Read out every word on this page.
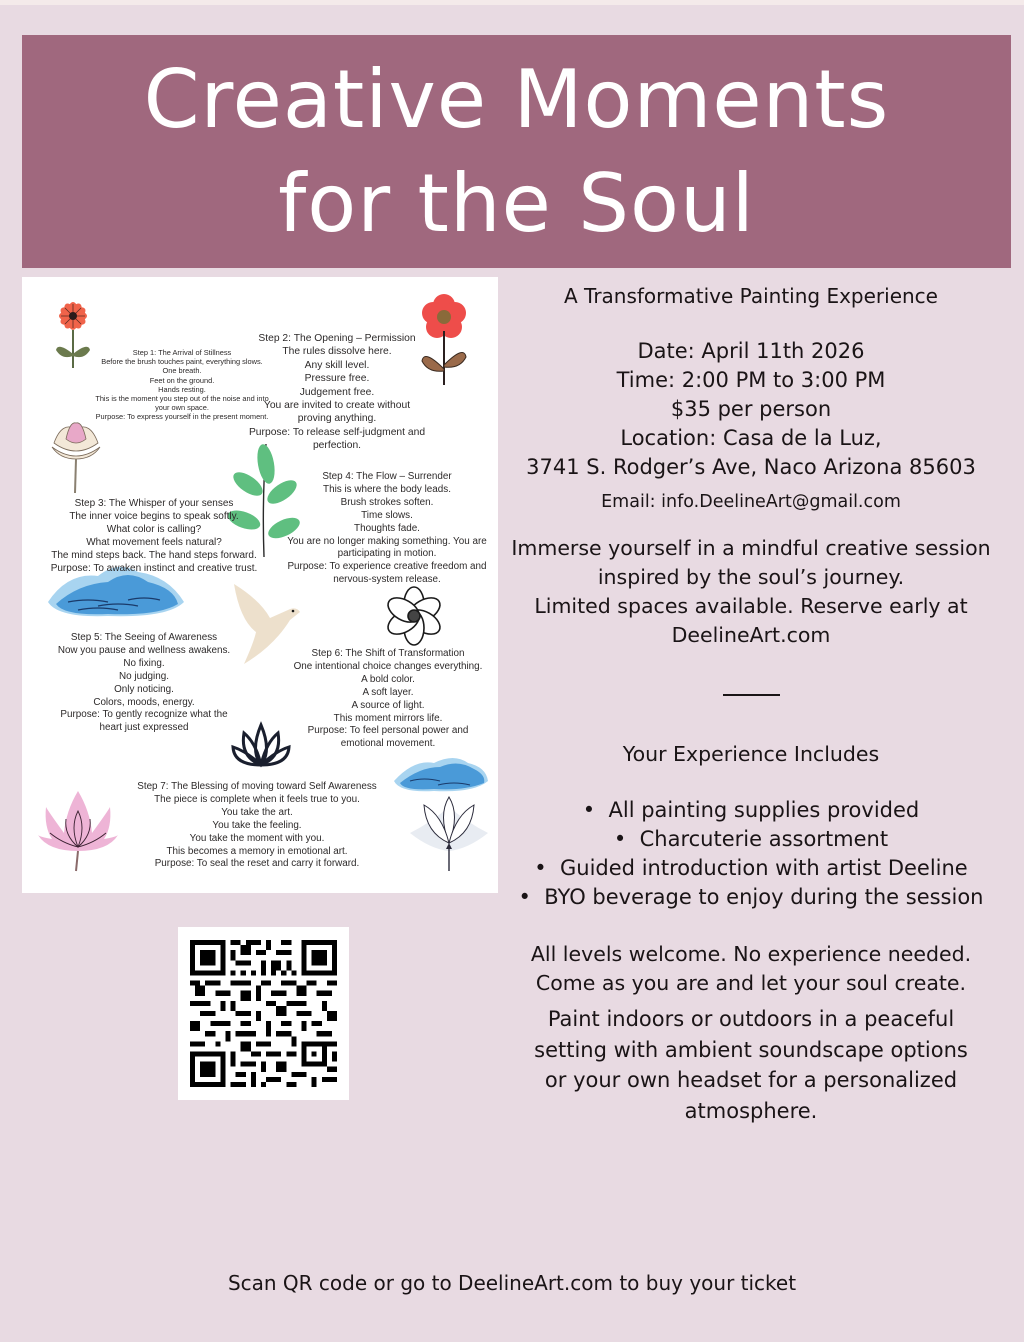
Creative Moments
for the Soul
Step 1: The Arrival of Stillness
Before the brush touches paint, everything slows.
One breath.
Feet on the ground.
Hands resting.
This is the moment you step out of the noise and into
your own space.
Purpose: To express yourself in the present moment.
Step 2: The Opening – Permission
The rules dissolve here.
Any skill level.
Pressure free.
Judgement free.
You are invited to create without
proving anything.
Purpose: To release self-judgment and
perfection.
Step 3: The Whisper of your senses
The inner voice begins to speak softly.
What color is calling?
What movement feels natural?
The mind steps back. The hand steps forward.
Purpose: To awaken instinct and creative trust.
Step 4: The Flow – Surrender
This is where the body leads.
Brush strokes soften.
Time slows.
Thoughts fade.
You are no longer making something. You are
participating in motion.
Purpose: To experience creative freedom and
nervous-system release.
Step 5: The Seeing of Awareness
Now you pause and wellness awakens.
No fixing.
No judging.
Only noticing.
Colors, moods, energy.
Purpose: To gently recognize what the
heart just expressed
Step 6: The Shift of Transformation
One intentional choice changes everything.
A bold color.
A soft layer.
A source of light.
This moment mirrors life.
Purpose: To feel personal power and
emotional movement.
Step 7: The Blessing of moving toward Self Awareness
The piece is complete when it feels true to you.
You take the art.
You take the feeling.
You take the moment with you.
This becomes a memory in emotional art.
Purpose: To seal the reset and carry it forward.
A Transformative Painting Experience
Date: April 11th 2026
Time: 2:00 PM to 3:00 PM
$35 per person
Location: Casa de la Luz,
3741 S. Rodger’s Ave, Naco Arizona 85603
Email: info.DeelineArt@gmail.com
Immerse yourself in a mindful creative session
inspired by the soul’s journey.
Limited spaces available. Reserve early at
DeelineArt.com
Your Experience Includes
•  All painting supplies provided
•  Charcuterie assortment
•  Guided introduction with artist Deeline
•  BYO beverage to enjoy during the session
All levels welcome. No experience needed.
Come as you are and let your soul create.
Paint indoors or outdoors in a peaceful
setting with ambient soundscape options
or your own headset for a personalized
atmosphere.
Scan QR code or go to DeelineArt.com to buy your ticket
